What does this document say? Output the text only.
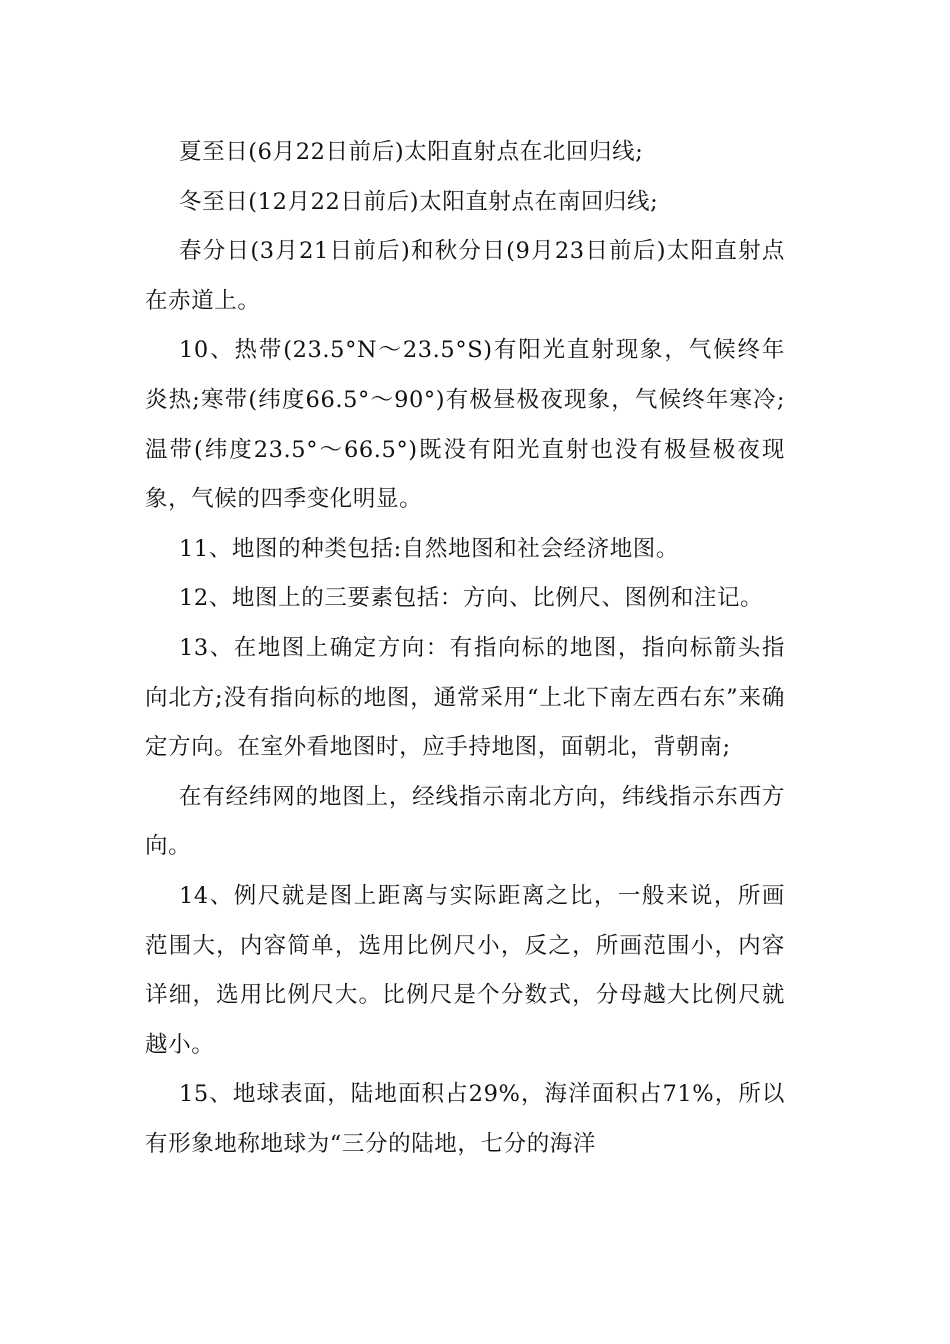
夏至日(6月22日前后)太阳直射点在北回归线;

冬至日(12月22日前后)太阳直射点在南回归线;

春分日(3月21日前后)和秋分日(9月23日前后)太阳直射点在赤道上。

10、热带(23.5°N～23.5°S)有阳光直射现象，气候终年炎热;寒带(纬度66.5°～90°)有极昼极夜现象，气候终年寒冷;温带(纬度23.5°～66.5°)既没有阳光直射也没有极昼极夜现象，气候的四季变化明显。

11、地图的种类包括:自然地图和社会经济地图。

12、地图上的三要素包括：方向、比例尺、图例和注记。

13、在地图上确定方向：有指向标的地图，指向标箭头指向北方;没有指向标的地图，通常采用“上北下南左西右东”来确定方向。在室外看地图时，应手持地图，面朝北，背朝南;

在有经纬网的地图上，经线指示南北方向，纬线指示东西方向。

14、例尺就是图上距离与实际距离之比，一般来说，所画范围大，内容简单，选用比例尺小，反之，所画范围小，内容详细，选用比例尺大。比例尺是个分数式，分母越大比例尺就越小。

15、地球表面，陆地面积占29%，海洋面积占71%，所以有形象地称地球为“三分的陆地，七分的海洋
